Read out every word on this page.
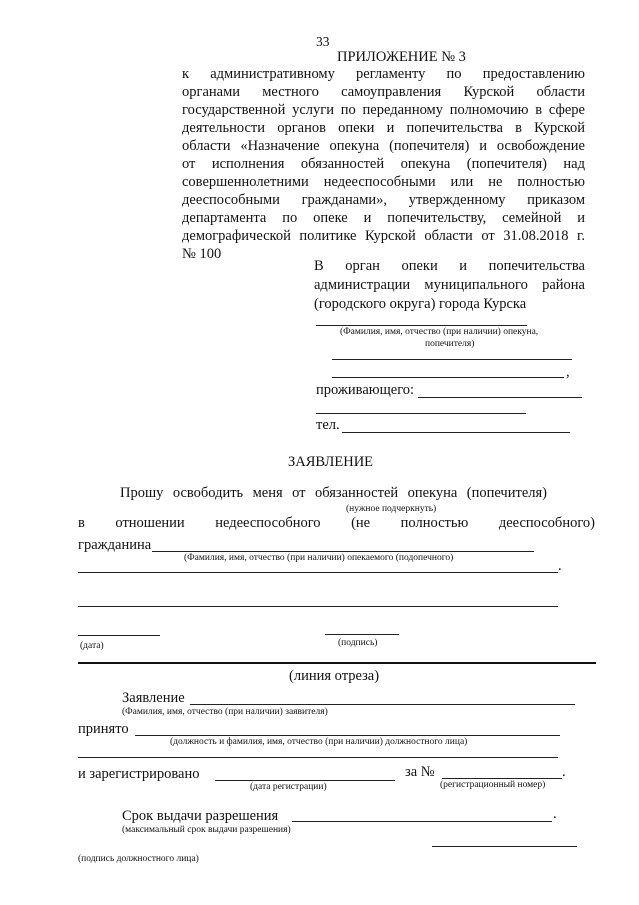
33
ПРИЛОЖЕНИЕ № 3
к административному регламенту по предоставлению
органами местного самоуправления Курской области
государственной услуги по переданному полномочию в сфере
деятельности органов опеки и попечительства в Курской
области «Назначение опекуна (попечителя) и освобождение
от исполнения обязанностей опекуна (попечителя) над
совершеннолетними недееспособными или не полностью
дееспособными гражданами», утвержденному приказом
департамента по опеке и попечительству, семейной и
демографической политике Курской области от 31.08.2018 г.
№ 100
В орган опеки и попечительства
администрации муниципального района
(городского округа) города Курска
(Фамилия, имя, отчество (при наличии) опекуна,
попечителя)
,
проживающего:
тел.
ЗАЯВЛЕНИЕ
Прошу освободить меня от обязанностей опекуна (попечителя)
(нужное подчеркнуть)
в отношении недееспособного (не полностью дееспособного)
гражданина
(Фамилия, имя, отчество (при наличии) опекаемого (подопечного)	.
(дата)	(подпись)
(линия отреза)
Заявление
(Фамилия, имя, отчество (при наличии) заявителя)
принято
(должность и фамилия, имя, отчество (при наличии) должностного лица)
и зарегистрировано	за №	.
(дата регистрации)	(регистрационный номер)
Срок выдачи разрешения	.
(максимальный срок выдачи разрешения)
(подпись должностного лица)
